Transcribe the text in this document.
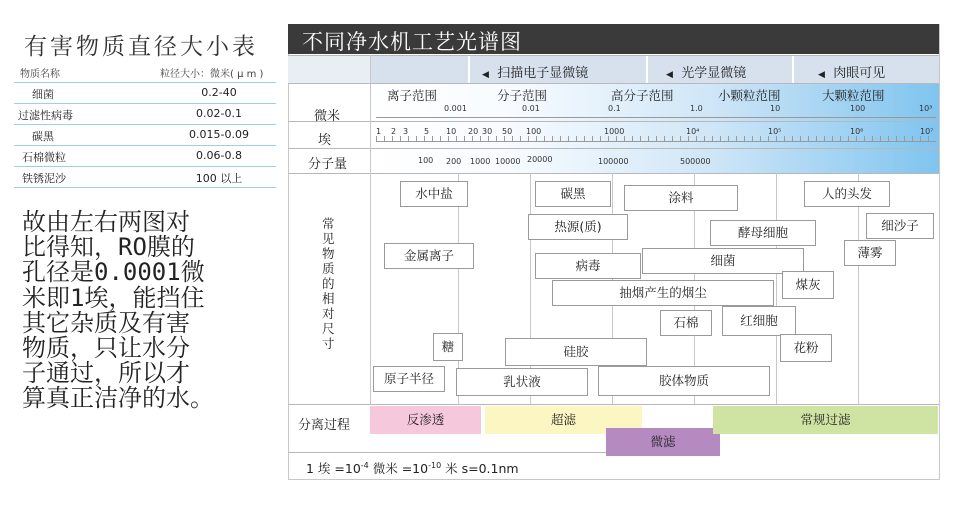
有害物质直径大小表
物质名称	粒径大小：微米( μ m )
细菌	0.2-40
过滤性病毒	0.02-0.1
碳黑	0.015-0.09
石棉微粒	0.06-0.8
铁锈泥沙	100 以上
故由左右两图对
比得知，RO膜的
孔径是0.0001微
米即1埃，能挡住
其它杂质及有害
物质，只让水分
子通过，所以才
算真正洁净的水。
不同净水机工艺光谱图
◀ 扫描电子显微镜	◀ 光学显微镜	◀ 肉眼可见
离子范围	分子范围	高分子范围	小颗粒范围	大颗粒范围
微米
埃
分子量
常见物质的相对尺寸
分离过程
0.001	0.01	0.1	1.0	10	100	10³
1 2 3 5 10 20 30 50 100	1000	10⁴	10⁵	10⁶	10⁷
100 200 1000 10000 20000	100000	500000
水中盐	碳黑	涂料	人的头发
热源(质)	酵母细胞	细沙子
金属离子
病毒	细菌
薄雾
煤灰
抽烟产生的烟尘
石棉	红细胞
糖	花粉
硅胶
原子半径	乳状液	胶体物质
反渗透	超滤
微滤
常规过滤
1 埃 $=10^{-4}$ 微米 $=10^{-10}$ 米 s=0.1nm
